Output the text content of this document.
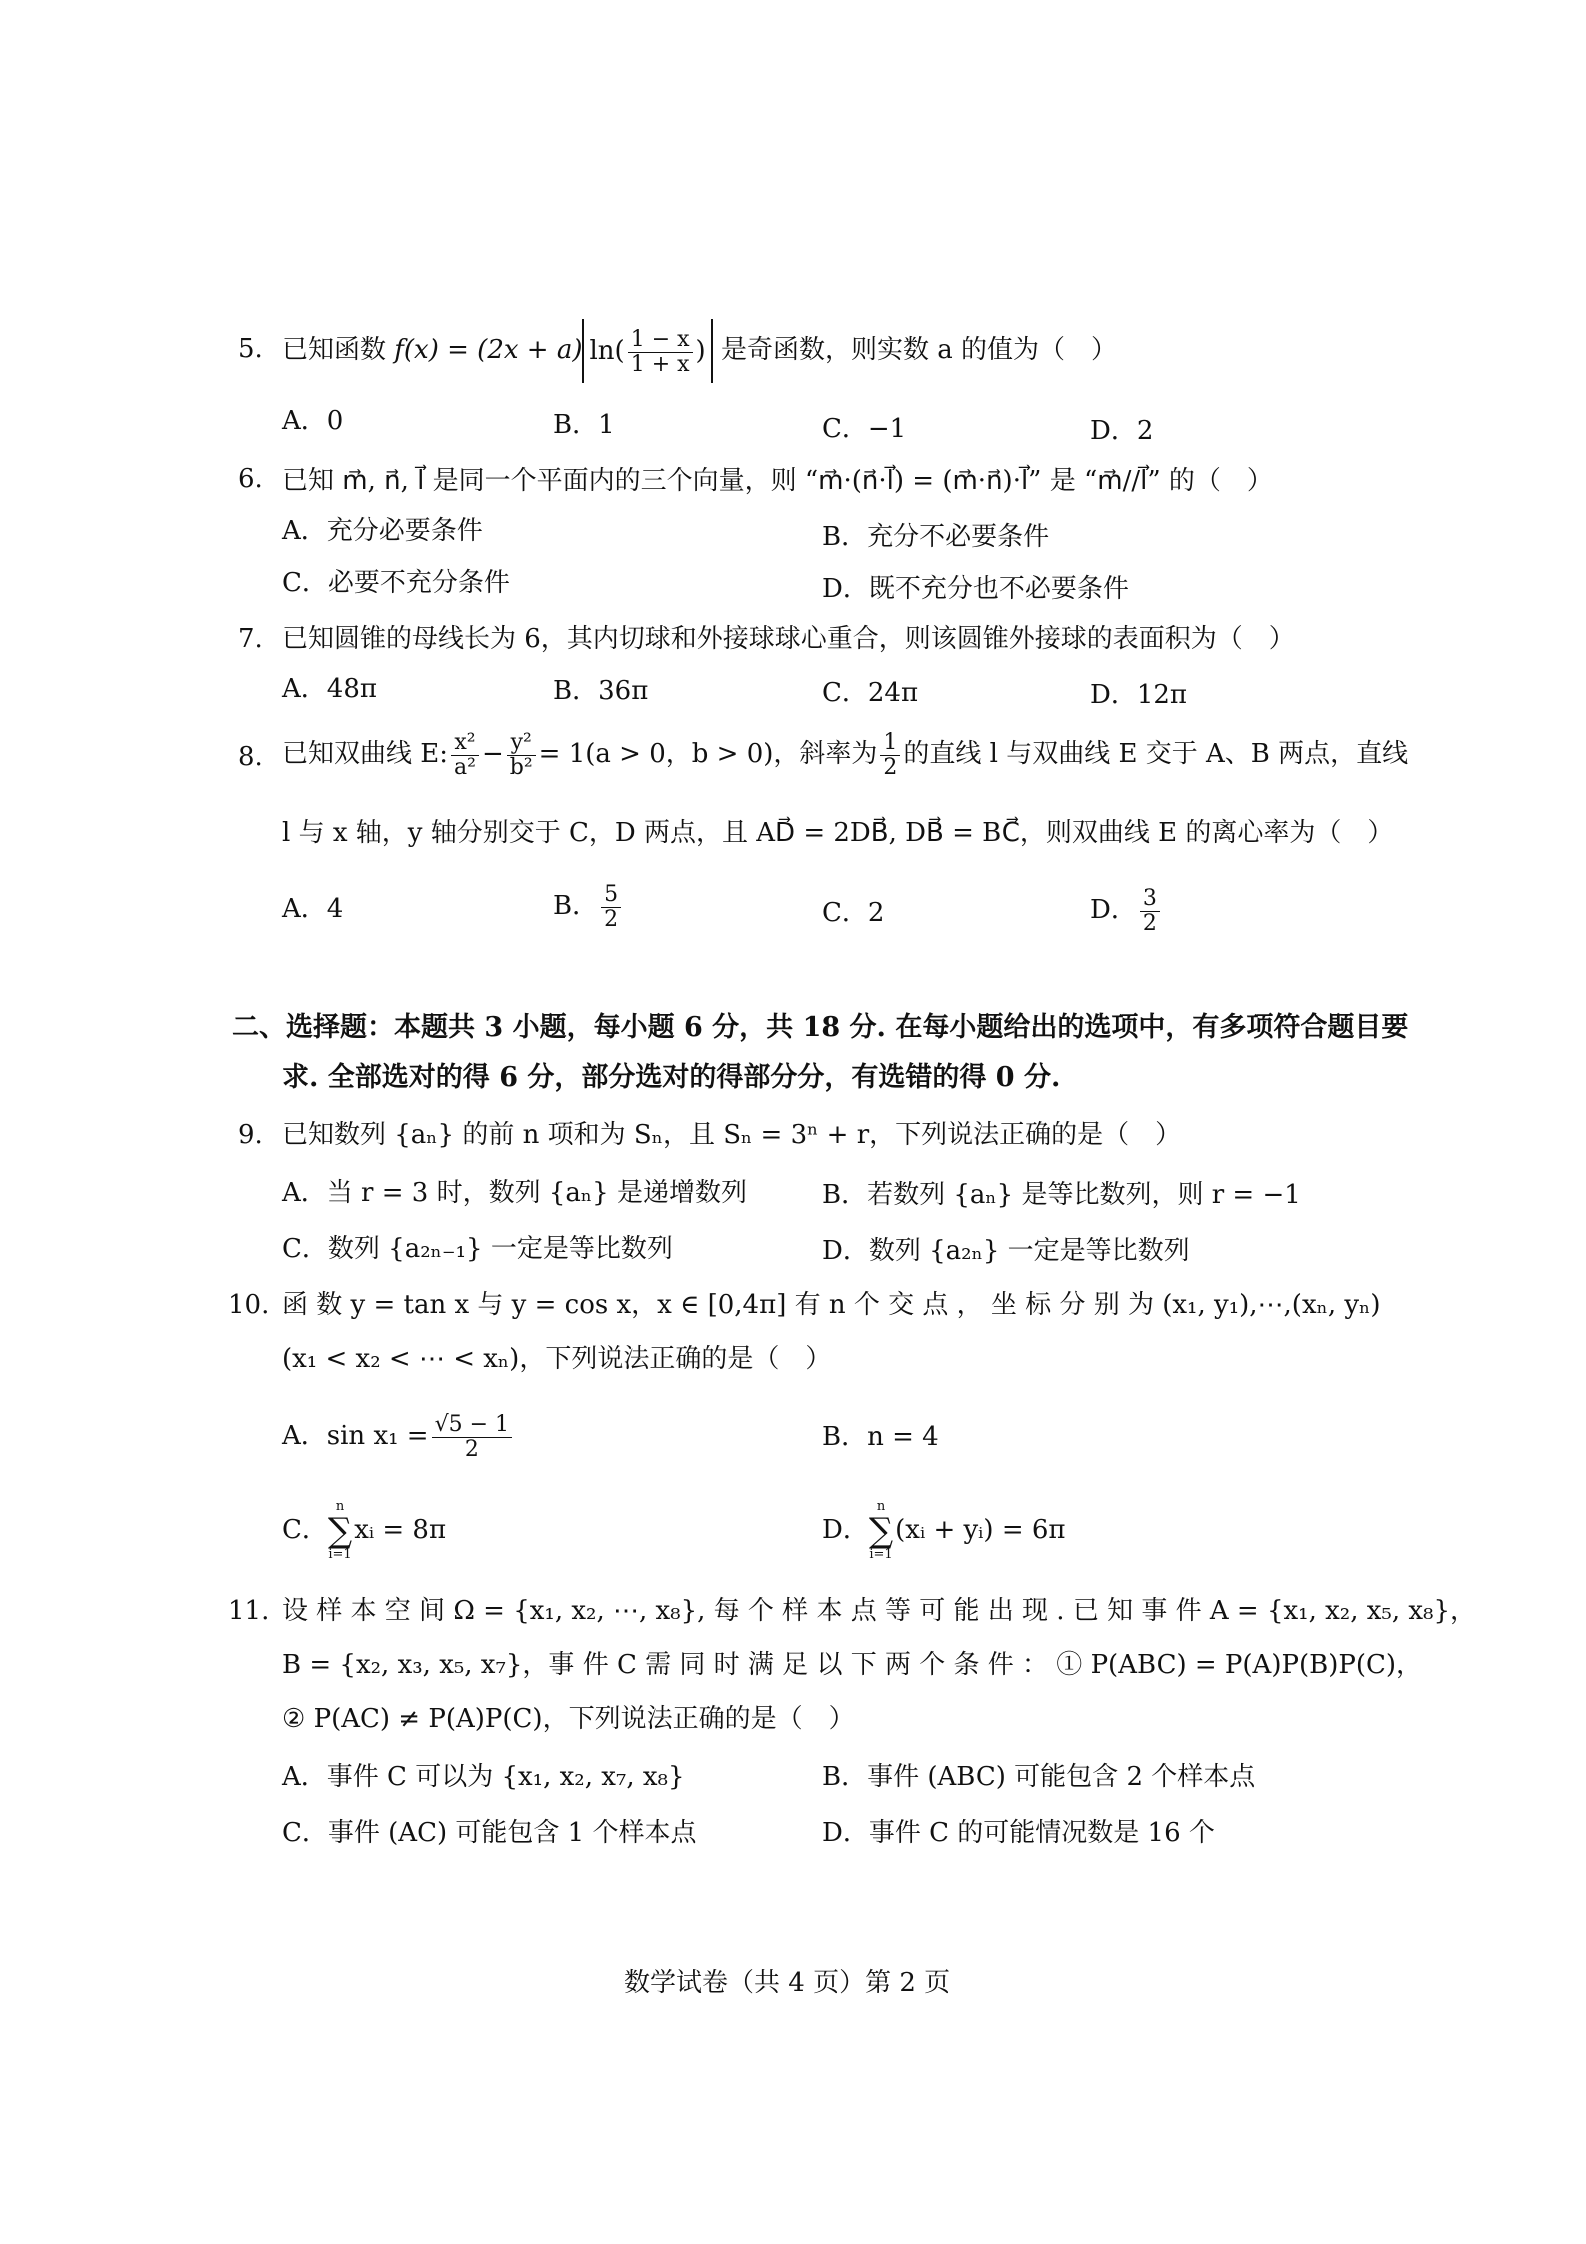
5. 已知函数 f(x) = (2x + a) $\ln( \frac{1 - x}{1 + x}$ ) 是奇函数，则实数 a 的值为（　）
A．0	B．1	C．−1	D．2
6. 已知 m⃗, n⃗, l⃗ 是同一个平面内的三个向量，则 “m⃗·(n⃗·l⃗) = (m⃗·n⃗)·l⃗” 是 “m⃗//l⃗” 的（　）
A．充分必要条件	B．充分不必要条件
C．必要不充分条件	D．既不充分也不必要条件
7. 已知圆锥的母线长为 6，其内切球和外接球球心重合，则该圆锥外接球的表面积为（　）
A．48π	B．36π	C．24π	D．12π
8. 已知双曲线 E: $\frac{\text{x²}}{\text{a²}} - \frac{\text{y²}}{\text{b²}} = 1(a > 0$，b > 0)，斜率为 $\frac{1}{2}$ 的直线 l 与双曲线 E 交于 A、B 两点，直线
l 与 x 轴，y 轴分别交于 C，D 两点，且 AD⃗ = 2DB⃗, DB⃗ = BC⃗，则双曲线 E 的离心率为（　）
A．4	B． $\frac{5}{2}$	C．2	D． $\frac{3}{2}$
二、选择题：本题共 3 小题，每小题 6 分，共 18 分. 在每小题给出的选项中，有多项符合题目要
求. 全部选对的得 6 分，部分选对的得部分分，有选错的得 0 分.
9. 已知数列 {aₙ} 的前 n 项和为 Sₙ，且 Sₙ = 3ⁿ + r，下列说法正确的是（　）
A．当 r = 3 时，数列 {aₙ} 是递增数列	B．若数列 {aₙ} 是等比数列，则 r = −1
C．数列 {a₂ₙ₋₁} 一定是等比数列	D．数列 {a₂ₙ} 一定是等比数列
10. 函 数 y = tan x 与 y = cos x，x ∈ [0,4π] 有 n 个 交 点 ， 坐 标 分 别 为 (x₁, y₁),⋯,(xₙ, yₙ)
(x₁ < x₂ < ⋯ < xₙ)，下列说法正确的是（　）
A．$\sin x_1 = \frac{√5 - 1}{2}$	B．n = 4
C．
n
∑
i=1
xᵢ = 8π	D．
n
∑
i=1
(xᵢ + yᵢ) = 6π
11. 设 样 本 空 间 Ω = {x₁, x₂, ⋯, x₈}, 每 个 样 本 点 等 可 能 出 现 . 已 知 事 件 A = {x₁, x₂, x₅, x₈}，
B = {x₂, x₃, x₅, x₇}，事 件 C 需 同 时 满 足 以 下 两 个 条 件 ： ① P(ABC) = P(A)P(B)P(C)，
② P(AC) ≠ P(A)P(C)，下列说法正确的是（　）
A．事件 C 可以为 {x₁, x₂, x₇, x₈}	B．事件 (ABC) 可能包含 2 个样本点
C．事件 (AC) 可能包含 1 个样本点	D．事件 C 的可能情况数是 16 个
数学试卷（共 4 页）第 2 页
